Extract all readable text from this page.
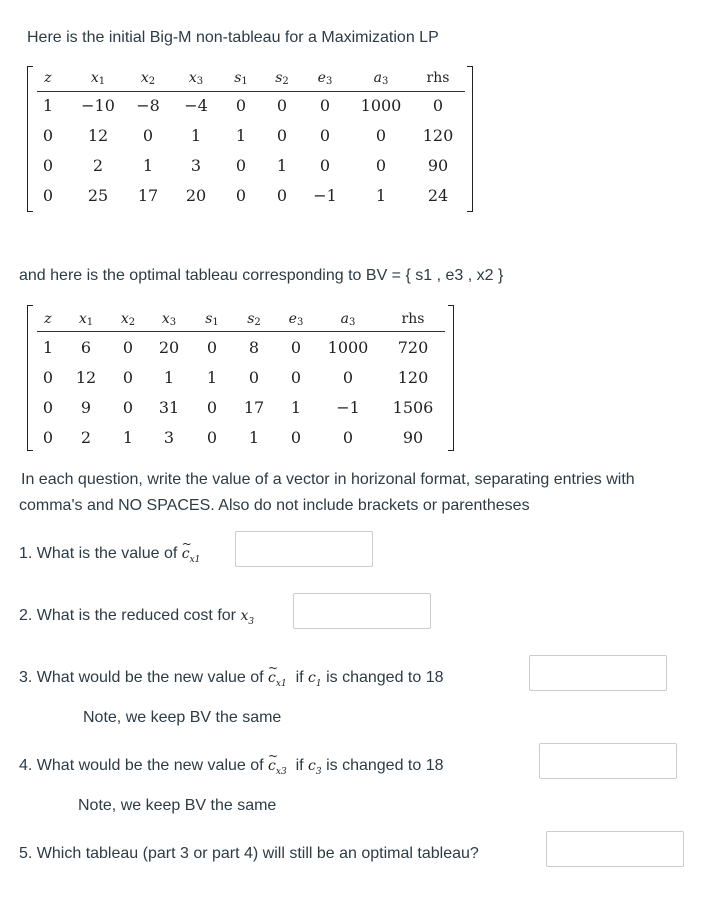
Here is the initial Big-M non-tableau for a Maximization LP
z	$x_1$	$x_2$	$x_3$	$s_1$	$s_2$	$e_3$	$a_3$	rhs
1	−10	−8	−4	0	0	0	1000	0
0	12	0	1	1	0	0	0	120
0	2	1	3	0	1	0	0	90
0	25	17	20	0	0	−1	1	24
and here is the optimal tableau corresponding to BV = { s1 , e3 , x2 }
z	$x_1$	$x_2$	$x_3$	$s_1$	$s_2$	$e_3$	$a_3$	rhs
1	6	0	20	0	8	0	1000	720
0	12	0	1	1	0	0	0	120
0	9	0	31	0	17	1	−1	1506
0	2	1	3	0	1	0	0	90
In each question, write the value of a vector in horizonal format, separating entries with
comma's and NO SPACES. Also do not include brackets or parentheses
1. What is the value of ~ $c_{x1}$
2. What is the reduced cost for $x_3$
3. What would be the new value of ~ $c_{x1}$ if $c_1$ is changed to 18
Note, we keep BV the same
4. What would be the new value of ~ $c_{x3}$ if $c_3$ is changed to 18
Note, we keep BV the same
5. Which tableau (part 3 or part 4) will still be an optimal tableau?
